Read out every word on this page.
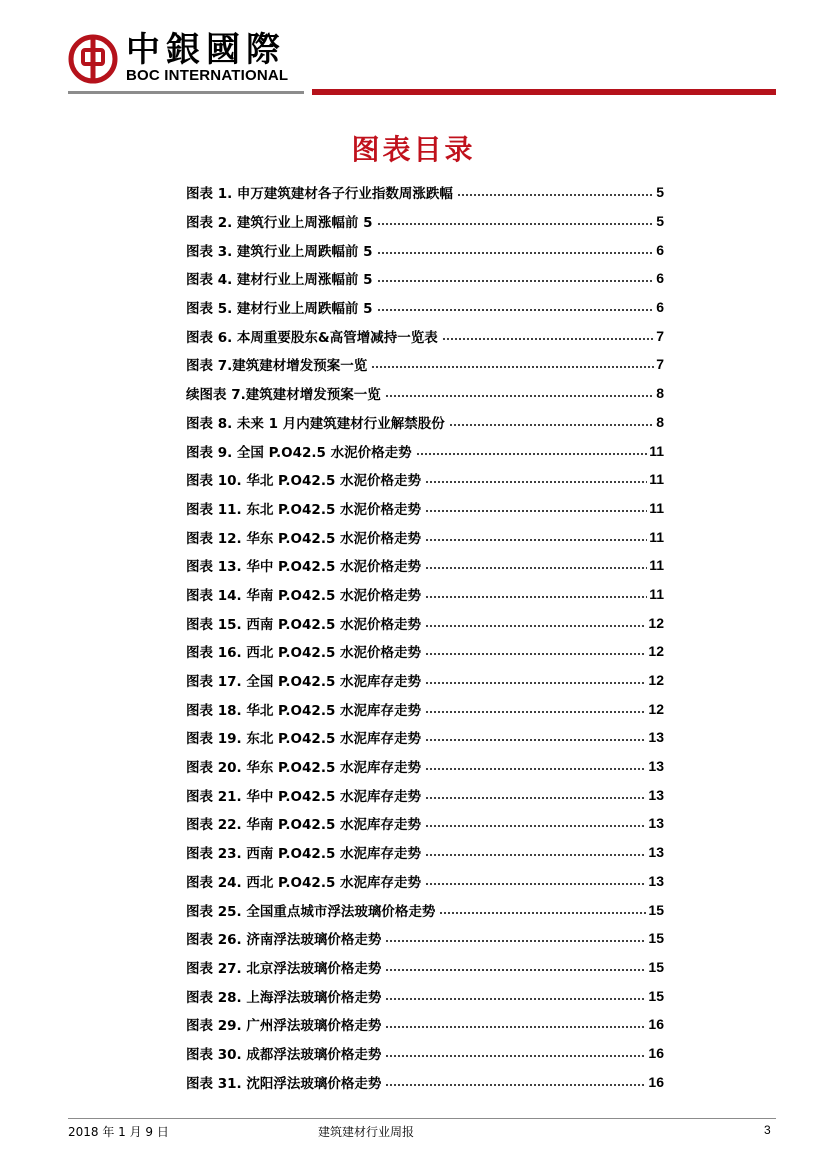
中銀國際
BOC INTERNATIONAL
图表目录
图表 1. 申万建筑建材各子行业指数周涨跌幅	5
图表 2. 建筑行业上周涨幅前 5	5
图表 3. 建筑行业上周跌幅前 5	6
图表 4. 建材行业上周涨幅前 5	6
图表 5. 建材行业上周跌幅前 5	6
图表 6. 本周重要股东&高管增减持一览表	7
图表 7.建筑建材增发预案一览	7
续图表 7.建筑建材增发预案一览	8
图表 8. 未来 1 月内建筑建材行业解禁股份	8
图表 9. 全国 P.O42.5 水泥价格走势	11
图表 10. 华北 P.O42.5 水泥价格走势	11
图表 11. 东北 P.O42.5 水泥价格走势	11
图表 12. 华东 P.O42.5 水泥价格走势	11
图表 13. 华中 P.O42.5 水泥价格走势	11
图表 14. 华南 P.O42.5 水泥价格走势	11
图表 15. 西南 P.O42.5 水泥价格走势	12
图表 16. 西北 P.O42.5 水泥价格走势	12
图表 17. 全国 P.O42.5 水泥库存走势	12
图表 18. 华北 P.O42.5 水泥库存走势	12
图表 19. 东北 P.O42.5 水泥库存走势	13
图表 20. 华东 P.O42.5 水泥库存走势	13
图表 21. 华中 P.O42.5 水泥库存走势	13
图表 22. 华南 P.O42.5 水泥库存走势	13
图表 23. 西南 P.O42.5 水泥库存走势	13
图表 24. 西北 P.O42.5 水泥库存走势	13
图表 25. 全国重点城市浮法玻璃价格走势	15
图表 26. 济南浮法玻璃价格走势	15
图表 27. 北京浮法玻璃价格走势	15
图表 28. 上海浮法玻璃价格走势	15
图表 29. 广州浮法玻璃价格走势	16
图表 30. 成都浮法玻璃价格走势	16
图表 31. 沈阳浮法玻璃价格走势	16
2018 年 1 月 9 日	建筑建材行业周报	3
